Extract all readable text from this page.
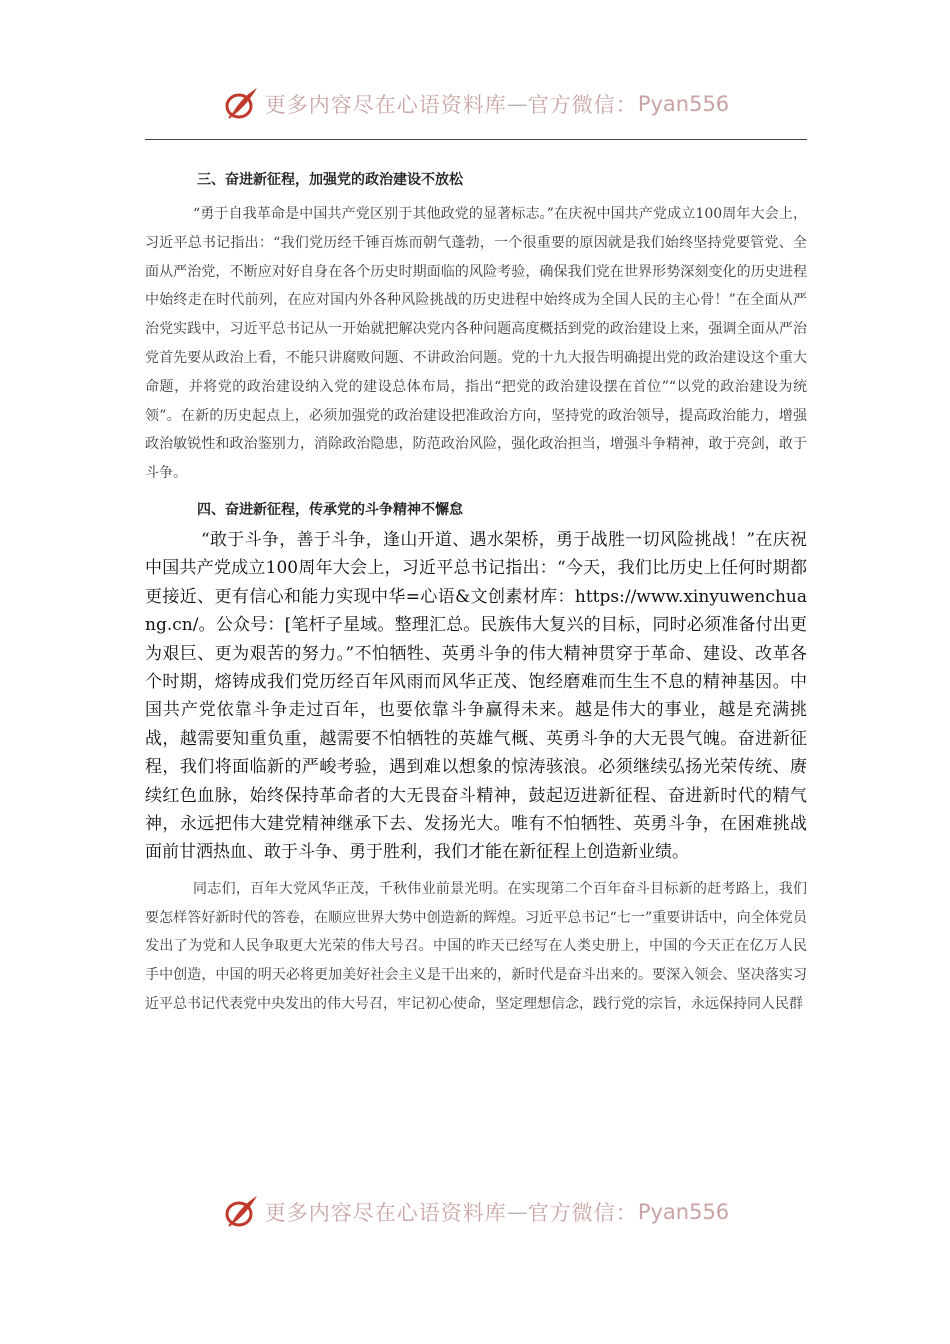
更多内容尽在心语资料库 — 官方微信： Pyan556
三、奋进新征程，加强党的政治建设不放松

“勇于自我革命是中国共产党区别于其他政党的显著标志。”在庆祝中国共产党成立100周年大会上，习近平总书记指出：“我们党历经千锤百炼而朝气蓬勃，一个很重要的原因就是我们始终坚持党要管党、全面从严治党，不断应对好自身在各个历史时期面临的风险考验，确保我们党在世界形势深刻变化的历史进程中始终走在时代前列，在应对国内外各种风险挑战的历史进程中始终成为全国人民的主心骨！”在全面从严治党实践中，习近平总书记从一开始就把解决党内各种问题高度概括到党的政治建设上来，强调全面从严治党首先要从政治上看，不能只讲腐败问题、不讲政治问题。党的十九大报告明确提出党的政治建设这个重大命题，并将党的政治建设纳入党的建设总体布局，指出“把党的政治建设摆在首位”“以党的政治建设为统领”。在新的历史起点上，必须加强党的政治建设把准政治方向，坚持党的政治领导，提高政治能力，增强政治敏锐性和政治鉴别力，消除政治隐患，防范政治风险，强化政治担当，增强斗争精神，敢于亮剑，敢于斗争。

四、奋进新征程，传承党的斗争精神不懈怠

“敢于斗争，善于斗争，逢山开道、遇水架桥，勇于战胜一切风险挑战！”在庆祝中国共产党成立100周年大会上，习近平总书记指出：“今天，我们比历史上任何时期都更接近、更有信心和能力实现中华=心语&文创素材库：https://www.xinyuwenchuang.cn/。公众号：[笔杆子星域。整理汇总。民族伟大复兴的目标，同时必须准备付出更为艰巨、更为艰苦的努力。”不怕牺牲、英勇斗争的伟大精神贯穿于革命、建设、改革各个时期，熔铸成我们党历经百年风雨而风华正茂、饱经磨难而生生不息的精神基因。中国共产党依靠斗争走过百年，也要依靠斗争赢得未来。越是伟大的事业，越是充满挑战，越需要知重负重，越需要不怕牺牲的英雄气概、英勇斗争的大无畏气魄。奋进新征程，我们将面临新的严峻考验，遇到难以想象的惊涛骇浪。必须继续弘扬光荣传统、赓续红色血脉，始终保持革命者的大无畏奋斗精神，鼓起迈进新征程、奋进新时代的精气神，永远把伟大建党精神继承下去、发扬光大。唯有不怕牺牲、英勇斗争，在困难挑战面前甘洒热血、敢于斗争、勇于胜利，我们才能在新征程上创造新业绩。

同志们，百年大党风华正茂，千秋伟业前景光明。在实现第二个百年奋斗目标新的赶考路上，我们要怎样答好新时代的答卷，在顺应世界大势中创造新的辉煌。习近平总书记“七一”重要讲话中，向全体党员发出了为党和人民争取更大光荣的伟大号召。中国的昨天已经写在人类史册上，中国的今天正在亿万人民 手中创造，中国的明天必将更加美好社会主义是干出来的，新时代是奋斗出来的。要深入领会、坚决落实习近平总书记代表党中央发出的伟大号召，牢记初心使命，坚定理想信念，践行党的宗旨，永远保持同人民群

更多内容尽在心语资料库 — 官方微信： Pyan556
